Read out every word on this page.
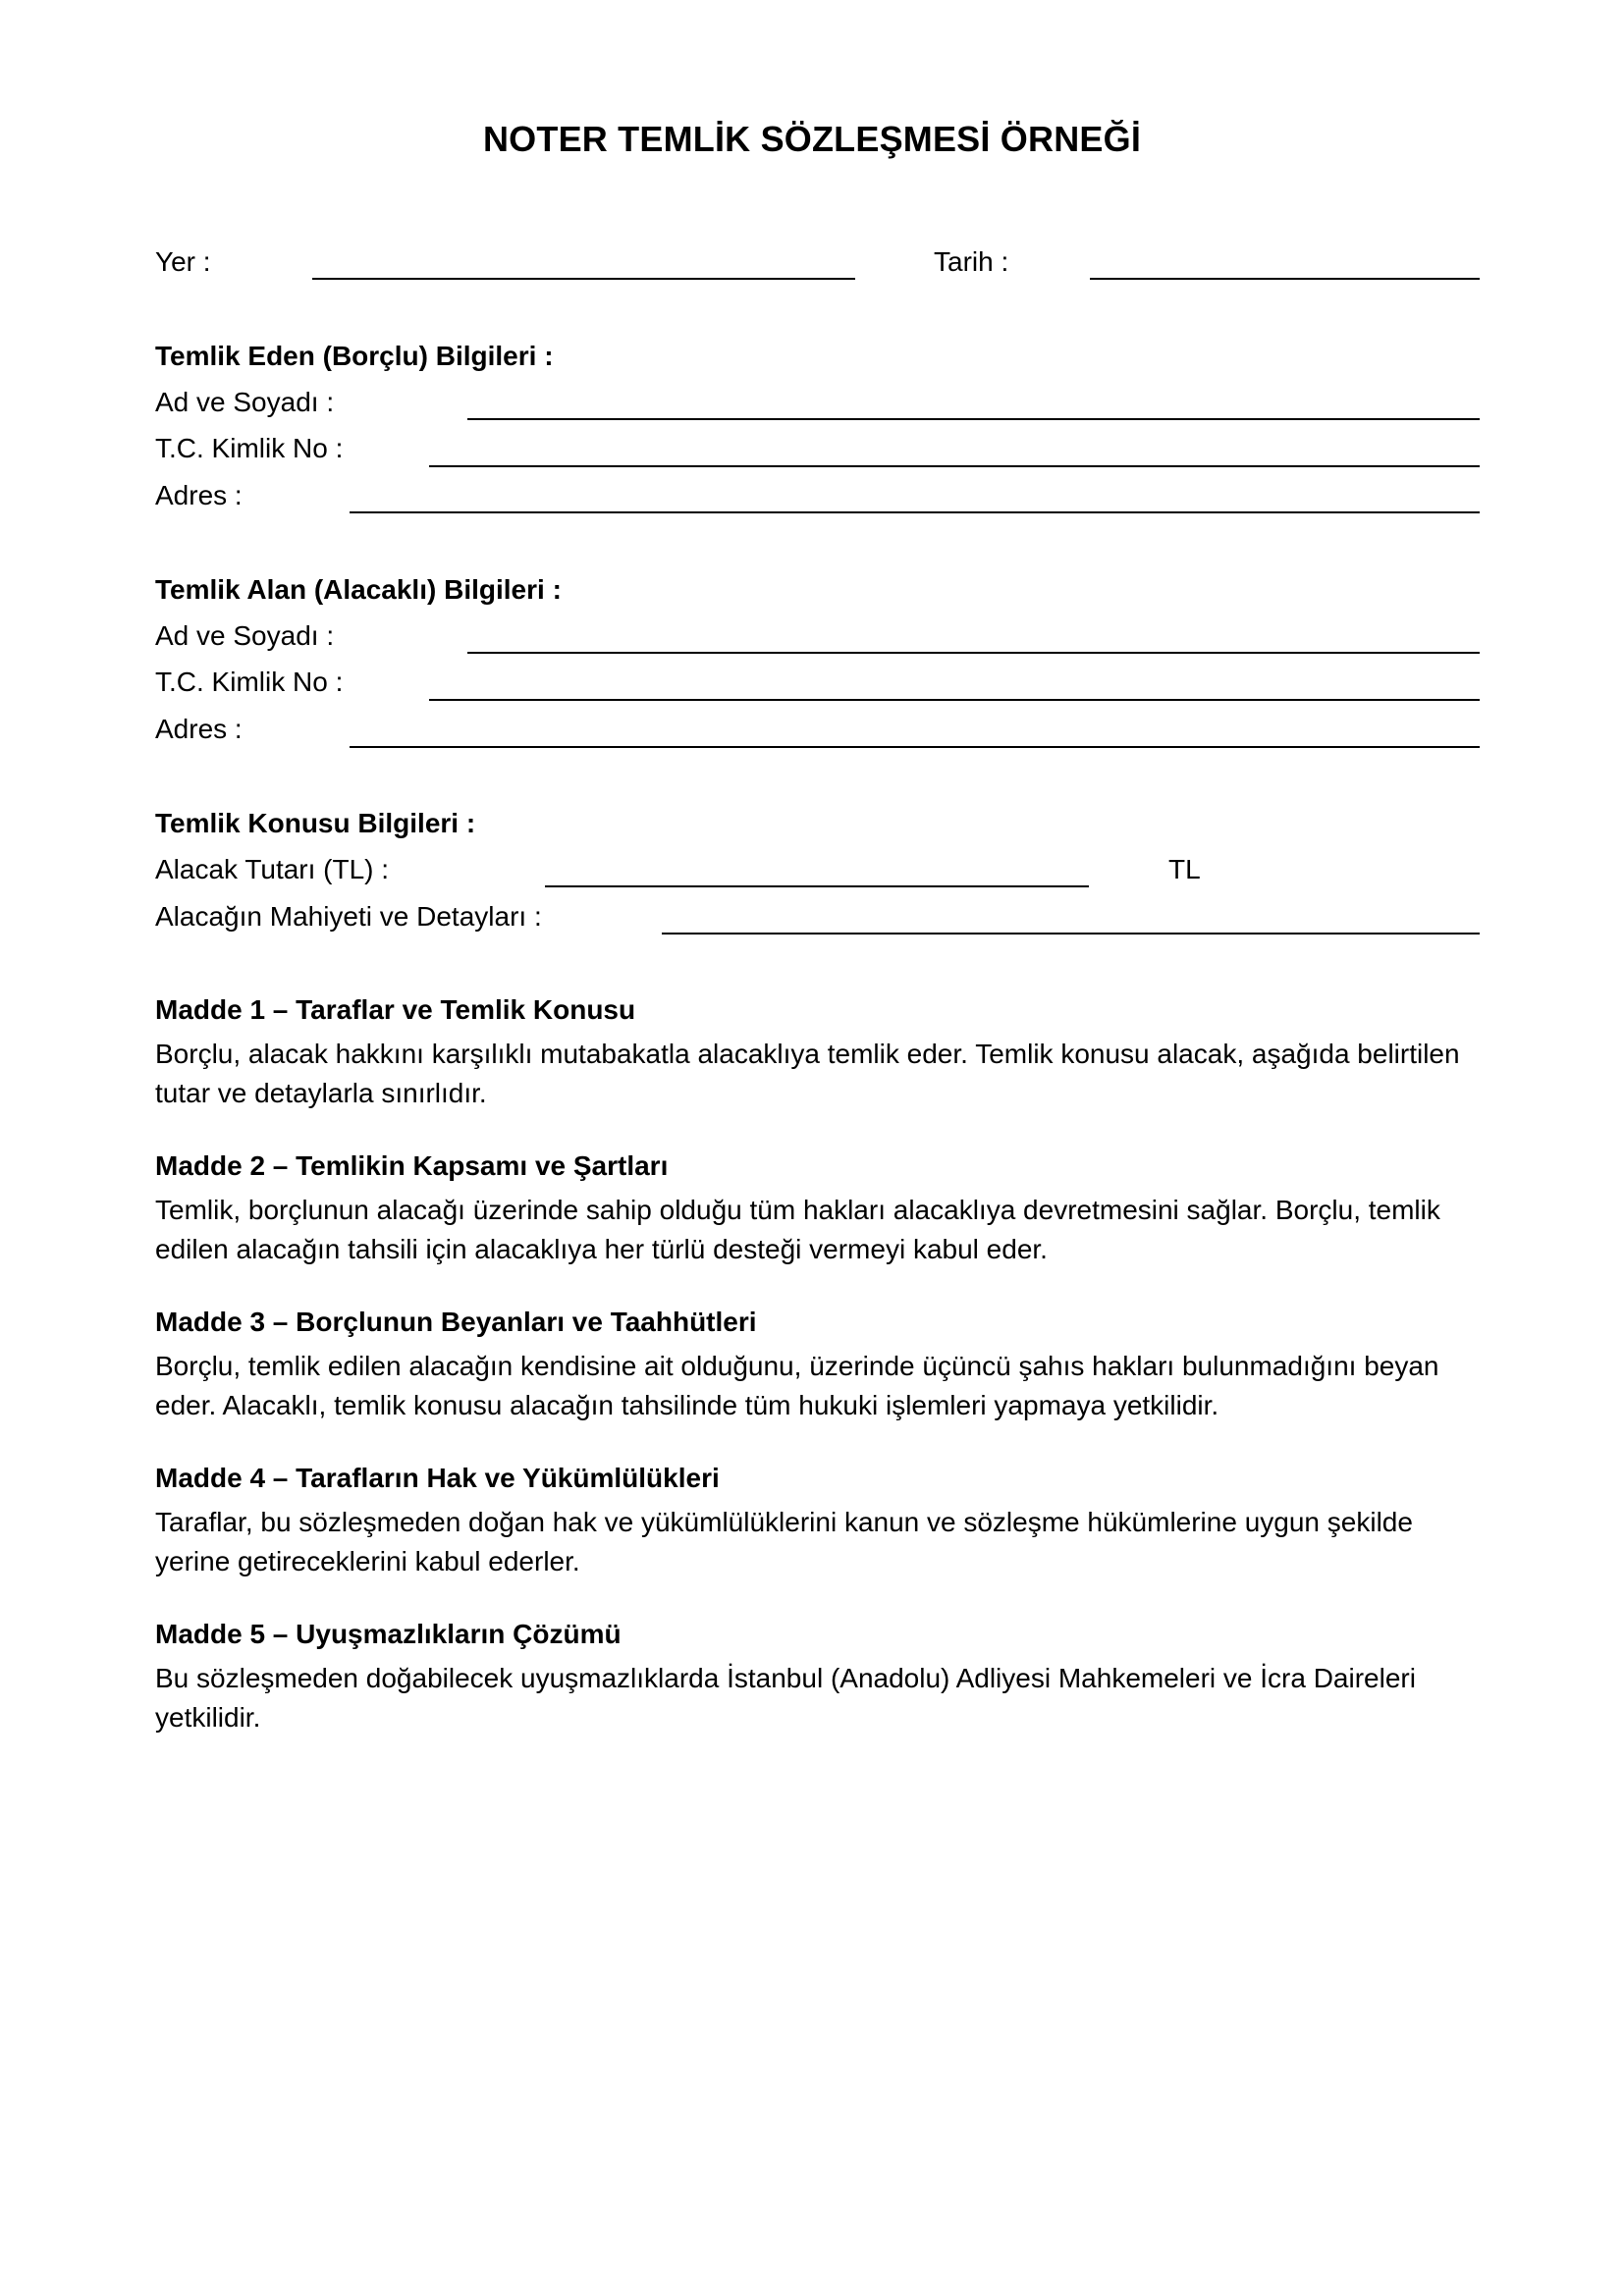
NOTER TEMLİK SÖZLEŞMESİ ÖRNEĞİ
Yer :	Tarih :
Temlik Eden (Borçlu) Bilgileri :
Ad ve Soyadı :
T.C. Kimlik No :
Adres :
Temlik Alan (Alacaklı) Bilgileri :
Ad ve Soyadı :
T.C. Kimlik No :
Adres :
Temlik Konusu Bilgileri :
Alacak Tutarı (TL) :	TL
Alacağın Mahiyeti ve Detayları :
Madde 1 – Taraflar ve Temlik Konusu
Borçlu, alacak hakkını karşılıklı mutabakatla alacaklıya temlik eder. Temlik konusu alacak, aşağıda belirtilen tutar ve detaylarla sınırlıdır.
Madde 2 – Temlikin Kapsamı ve Şartları
Temlik, borçlunun alacağı üzerinde sahip olduğu tüm hakları alacaklıya devretmesini sağlar. Borçlu, temlik edilen alacağın tahsili için alacaklıya her türlü desteği vermeyi kabul eder.
Madde 3 – Borçlunun Beyanları ve Taahhütleri
Borçlu, temlik edilen alacağın kendisine ait olduğunu, üzerinde üçüncü şahıs hakları bulunmadığını beyan eder. Alacaklı, temlik konusu alacağın tahsilinde tüm hukuki işlemleri yapmaya yetkilidir.
Madde 4 – Tarafların Hak ve Yükümlülükleri
Taraflar, bu sözleşmeden doğan hak ve yükümlülüklerini kanun ve sözleşme hükümlerine uygun şekilde yerine getireceklerini kabul ederler.
Madde 5 – Uyuşmazlıkların Çözümü
Bu sözleşmeden doğabilecek uyuşmazlıklarda İstanbul (Anadolu) Adliyesi Mahkemeleri ve İcra Daireleri yetkilidir.
